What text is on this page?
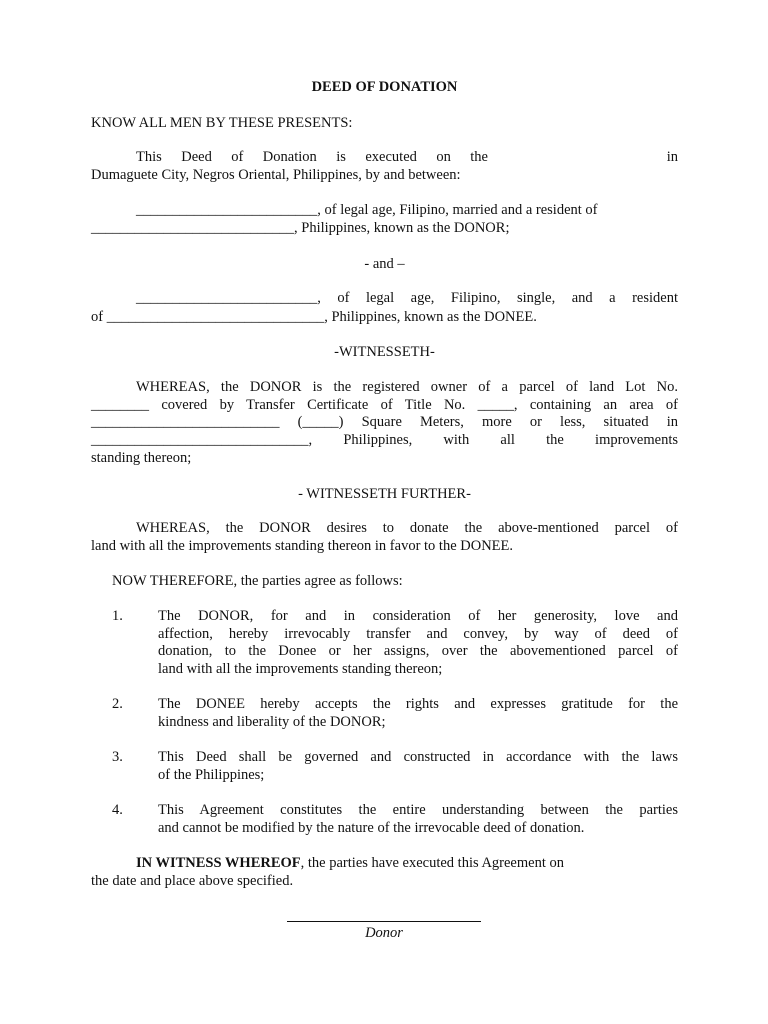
DEED OF DONATION
KNOW ALL MEN BY THESE PRESENTS:
This Deed of Donation is executed on the	in
Dumaguete City, Negros Oriental, Philippines, by and between:
_________________________, of legal age, Filipino, married and a resident of
____________________________, Philippines, known as the DONOR;
- and –
_________________________, of legal age, Filipino, single, and a resident
of ______________________________, Philippines, known as the DONEE.
-WITNESSETH-
WHEREAS, the DONOR is the registered owner of a parcel of land Lot No.
________ covered by Transfer Certificate of Title No. _____, containing an area of
__________________________ (_____) Square Meters, more or less, situated in
______________________________, Philippines, with all the improvements
standing thereon;
- WITNESSETH FURTHER-
WHEREAS, the DONOR desires to donate the above-mentioned parcel of
land with all the improvements standing thereon in favor to the DONEE.
NOW THEREFORE, the parties agree as follows:
1. The DONOR, for and in consideration of her generosity, love and
affection, hereby irrevocably transfer and convey, by way of deed of
donation, to the Donee or her assigns, over the abovementioned parcel of
land with all the improvements standing thereon;
2. The DONEE hereby accepts the rights and expresses gratitude for the
kindness and liberality of the DONOR;
3. This Deed shall be governed and constructed in accordance with the laws
of the Philippines;
4. This Agreement constitutes the entire understanding between the parties
and cannot be modified by the nature of the irrevocable deed of donation.
IN WITNESS WHEREOF, the parties have executed this Agreement on
the date and place above specified.
Donor
